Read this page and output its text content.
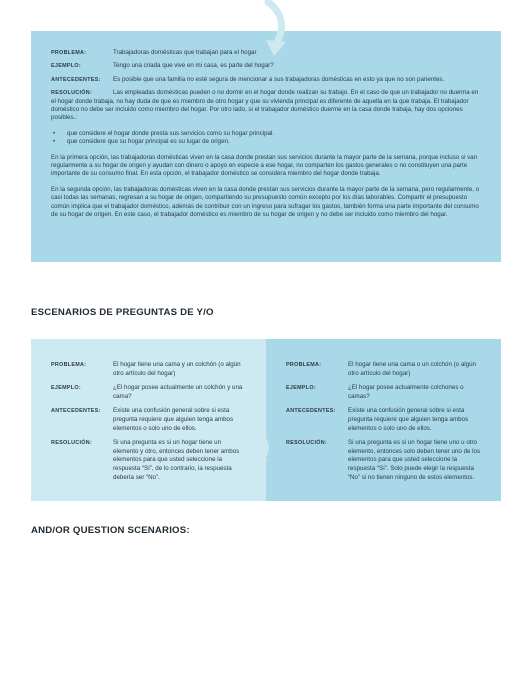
PROBLEMA:	Trabajadoras domésticas que trabajan para el hogar
EJEMPLO:	Tengo una criada que vive en mi casa, es parte del hogar?
ANTECEDENTES:	Es posible que una familia no esté segura de mencionar a sus trabajadoras domésticas en esto ya que no son parientes.

RESOLUCIÓN:	Las empleadas domésticas pueden o no dormir en el hogar donde realizan su trabajo. En el caso de que un trabajador no duerma en el hogar donde trabaja, no hay duda de que es miembro de otro hogar y que su vivienda principal es diferente de aquella en la que trabaja. El trabajador doméstico no debe ser incluido como miembro del hogar. Por otro lado, si el trabajador doméstico duerme en la casa donde trabaja, hay dos opciones posibles.:

• que considere el hogar donde presta sus servicios como su hogar principal.
• que considere que su hogar principal es su lugar de origen.

En la primera opción, las trabajadoras domésticas viven en la casa donde prestan sus servicios durante la mayor parte de la semana, porque incluso si van regularmente a su hogar de origen y ayudan con dinero o apoyo en especie a ese hogar, no comparten los gastos generales o no constituyen una parte importante de su consumo final. En esta opción, el trabajador doméstico se considera miembro del hogar donde trabaja.

En la segunda opción, las trabajadoras domésticas viven en la casa donde prestan sus servicios durante la mayor parte de la semana, pero regularmente, o casi todas las semanas, regresan a su hogar de origen, compartiendo su presupuesto común excepto por los días laborables. Compartir el presupuesto común implica que el trabajador doméstico, además de contribuir con un ingreso para sufragar los gastos, también forma una parte importante del consumo de su hogar de origen. En este caso, el trabajador doméstico es miembro de su hogar de origen y no debe ser incluido como miembro del hogar.

ESCENARIOS DE PREGUNTAS DE Y/O
PROBLEMA:	El hogar tiene una cama y un colchón (o algún otro artículo del hogar)
EJEMPLO:	¿El hogar posee actualmente un colchón y una cama?
ANTECEDENTES:	Existe una confusión general sobre si esta pregunta requiere que alguien tenga ambos elementos o solo uno de ellos.
RESOLUCIÓN:	Si una pregunta es si un hogar tiene un elemento y otro, entonces deben tener ambos elementos para que usted seleccione la respuesta “Sí”, de lo contrario, la respuesta debería ser “No”.
PROBLEMA:	El hogar tiene una cama o un colchón (o algún otro artículo del hogar)
EJEMPLO:	¿El hogar posee actualmente colchones o camas?
ANTECEDENTES:	Existe una confusión general sobre si esta pregunta requiere que alguien tenga ambos elementos o solo uno de ellos.
RESOLUCIÓN:	Si una pregunta es si un hogar tiene uno u otro elemento, entonces solo deben tener uno de los elementos para que usted seleccione la respuesta “Sí”. Solo puede elegir la respuesta “No” si no tienen ninguno de estos elementos.
AND/OR QUESTION SCENARIOS:
